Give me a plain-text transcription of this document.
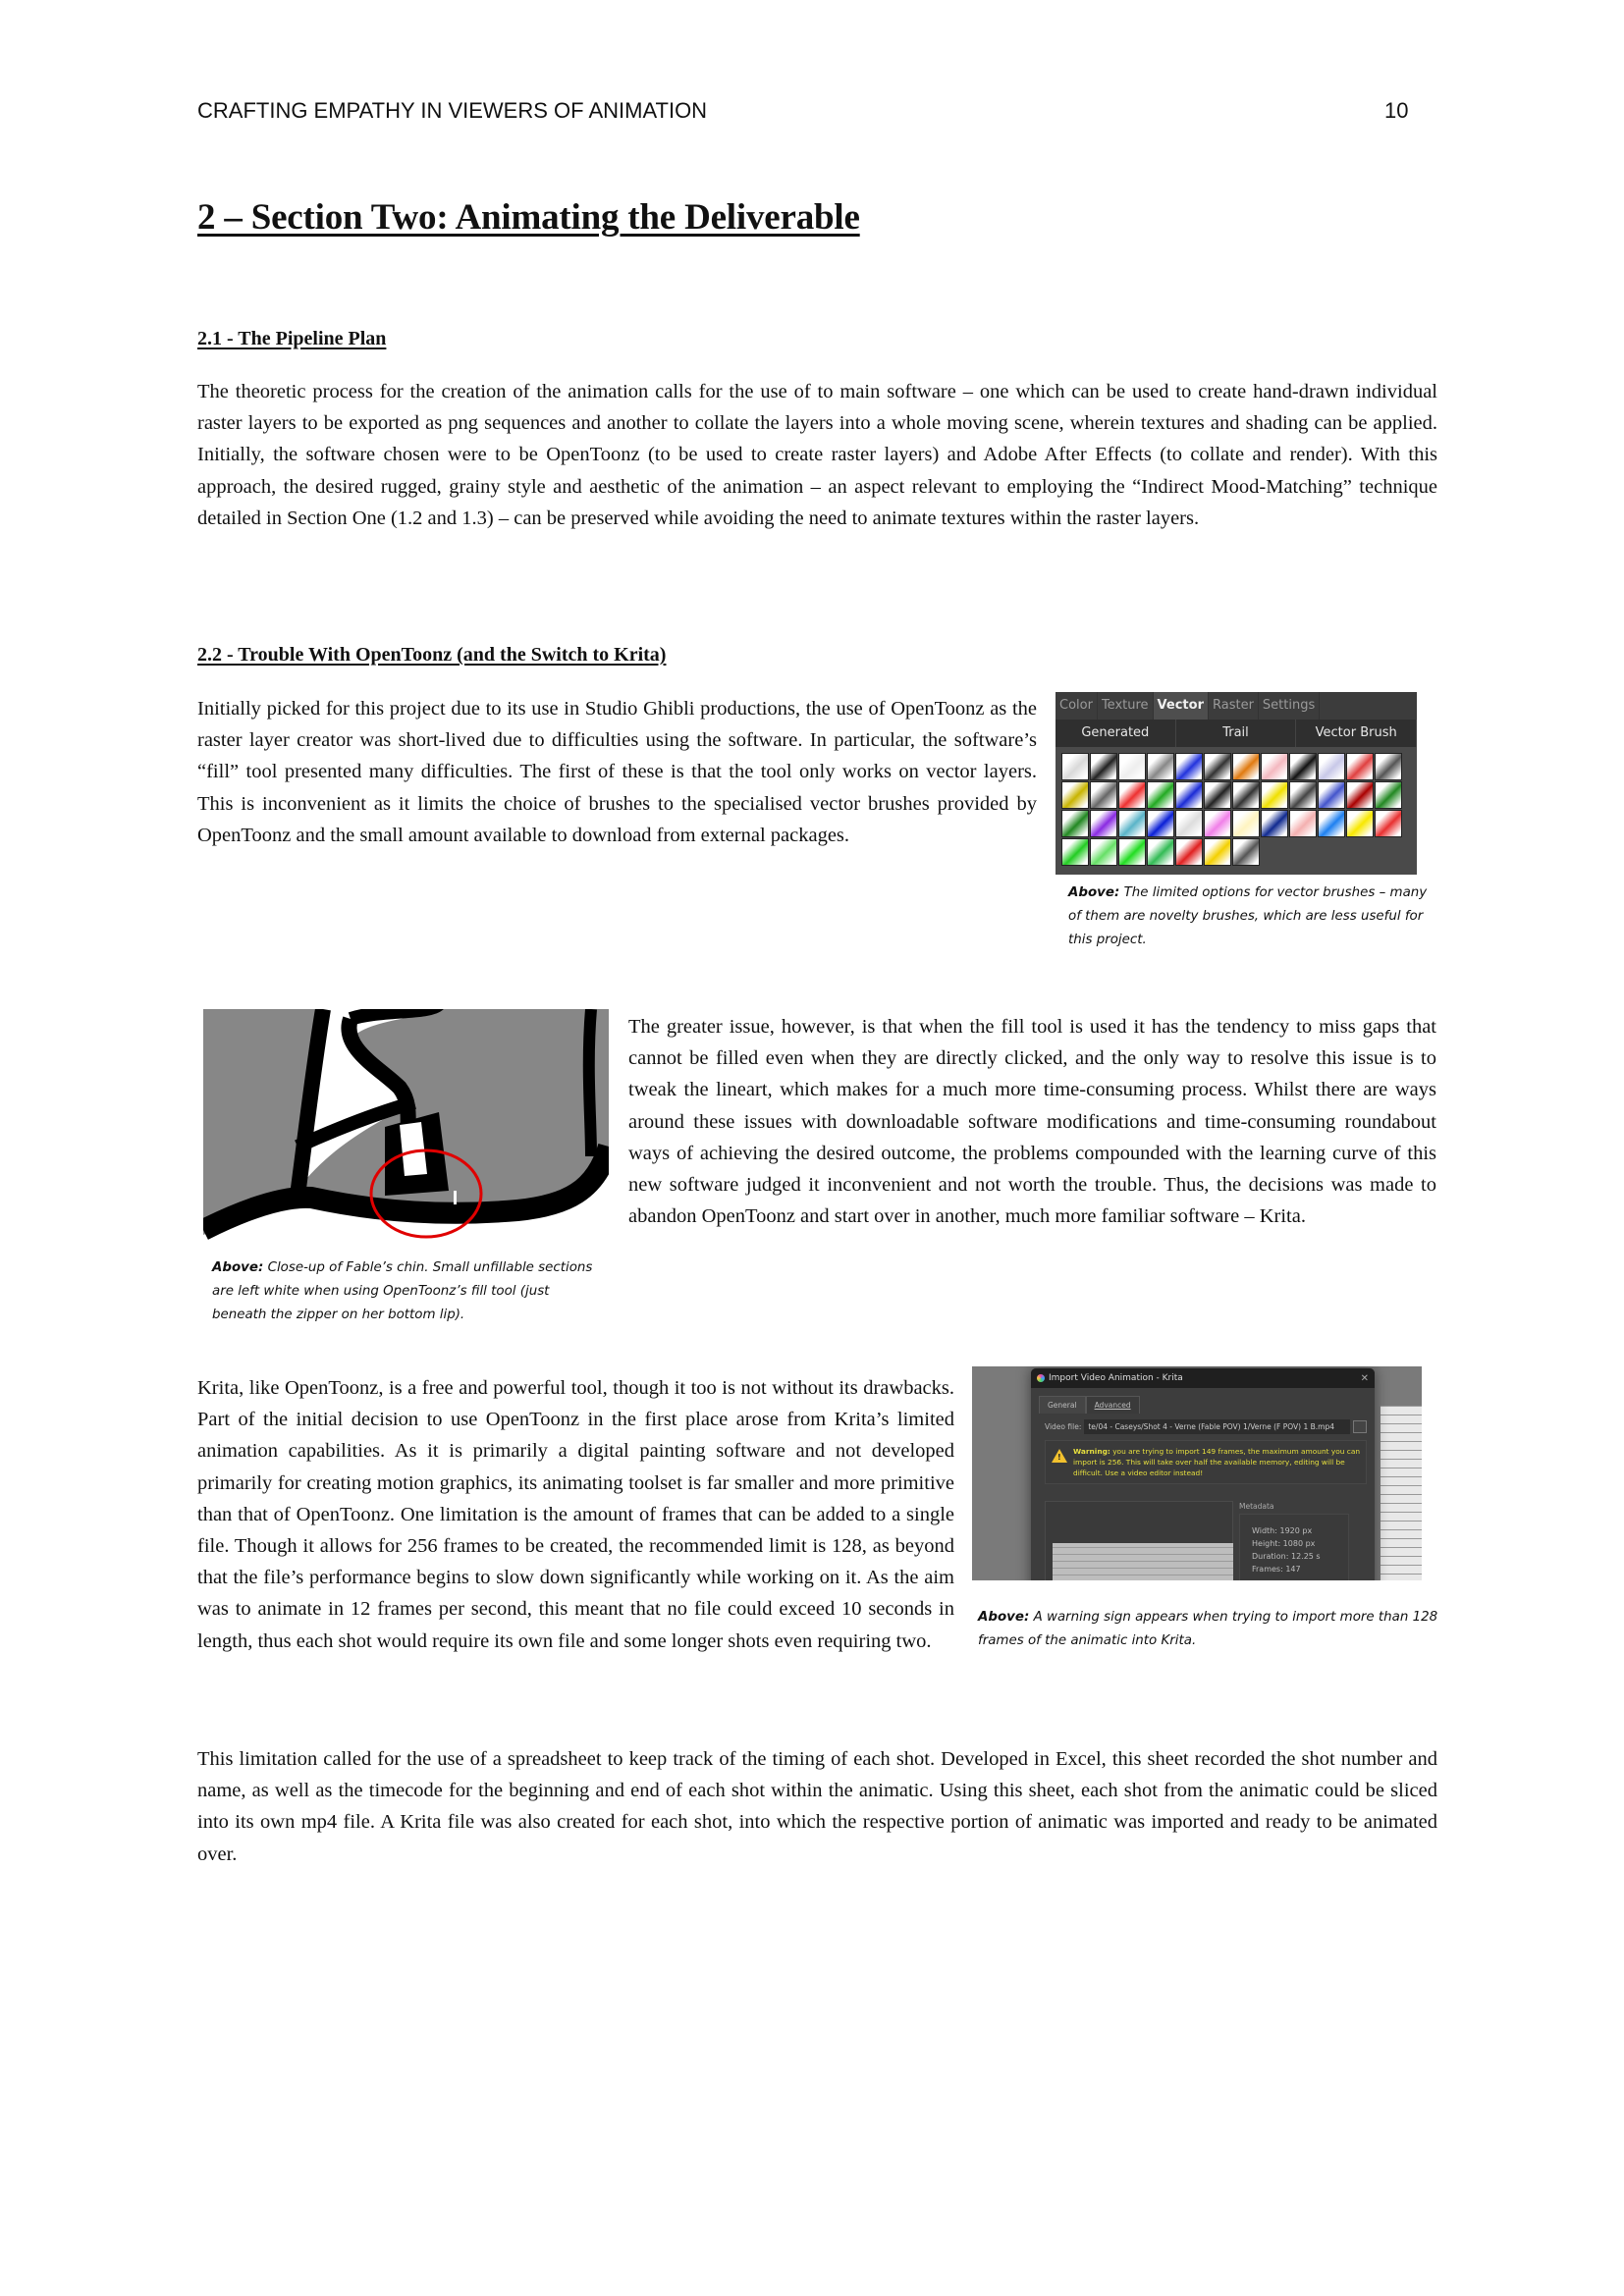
CRAFTING EMPATHY IN VIEWERS OF ANIMATION	10
2 – Section Two: Animating the Deliverable
2.1 - The Pipeline Plan

The theoretic process for the creation of the animation calls for the use of to main software – one which can be used to create hand-drawn individual raster layers to be exported as png sequences and another to collate the layers into a whole moving scene, wherein textures and shading can be applied. Initially, the software chosen were to be OpenToonz (to be used to create raster layers) and Adobe After Effects (to collate and render). With this approach, the desired rugged, grainy style and aesthetic of the animation – an aspect relevant to employing the “Indirect Mood-Matching” technique detailed in Section One (1.2 and 1.3) – can be preserved while avoiding the need to animate textures within the raster layers.

2.2 - Trouble With OpenToonz (and the Switch to Krita)

Initially picked for this project due to its use in Studio Ghibli productions, the use of OpenToonz as the raster layer creator was short-lived due to difficulties using the software. In particular, the software’s “fill” tool presented many difficulties. The first of these is that the tool only works on vector layers. This is inconvenient as it limits the choice of brushes to the specialised vector brushes provided by OpenToonz and the small amount available to download from external packages.

Color Texture Vector Raster Settings
Generated	Trail	Vector Brush
Above: The limited options for vector brushes – many of them are novelty brushes, which are less useful for this project.
Above: Close-up of Fable’s chin. Small unfillable sections are left white when using OpenToonz’s fill tool (just beneath the zipper on her bottom lip).

The greater issue, however, is that when the fill tool is used it has the tendency to miss gaps that cannot be filled even when they are directly clicked, and the only way to resolve this issue is to tweak the lineart, which makes for a much more time-consuming process. Whilst there are ways around these issues with downloadable software modifications and time-consuming roundabout ways of achieving the desired outcome, the problems compounded with the learning curve of this new software judged it inconvenient and not worth the trouble. Thus, the decisions was made to abandon OpenToonz and start over in another, much more familiar software – Krita.

Krita, like OpenToonz, is a free and powerful tool, though it too is not without its drawbacks. Part of the initial decision to use OpenToonz in the first place arose from Krita’s limited animation capabilities. As it is primarily a digital painting software and not developed primarily for creating motion graphics, its animating toolset is far smaller and more primitive than that of OpenToonz. One limitation is the amount of frames that can be added to a single file. Though it allows for 256 frames to be created, the recommended limit is 128, as beyond that the file’s performance begins to slow down significantly while working on it. As the aim was to animate in 12 frames per second, this meant that no file could exceed 10 seconds in length, thus each shot would require its own file and some longer shots even requiring two.

Import Video Animation - Krita	✕
General	Advanced
Video file: te/04 - Caseys/Shot 4 - Verne (Fable POV) 1/Verne (F POV) 1 B.mp4
!
Warning: you are trying to import 149 frames, the maximum amount you can import is 256. This will take over half the available memory, editing will be difficult. Use a video editor instead!
Metadata
Width: 1920 px
Height: 1080 px
Duration: 12.25 s
Frames: 147
Above: A warning sign appears when trying to import more than 128 frames of the animatic into Krita.

This limitation called for the use of a spreadsheet to keep track of the timing of each shot. Developed in Excel, this sheet recorded the shot number and name, as well as the timecode for the beginning and end of each shot within the animatic. Using this sheet, each shot from the animatic could be sliced into its own mp4 file. A Krita file was also created for each shot, into which the respective portion of animatic was imported and ready to be animated over.
